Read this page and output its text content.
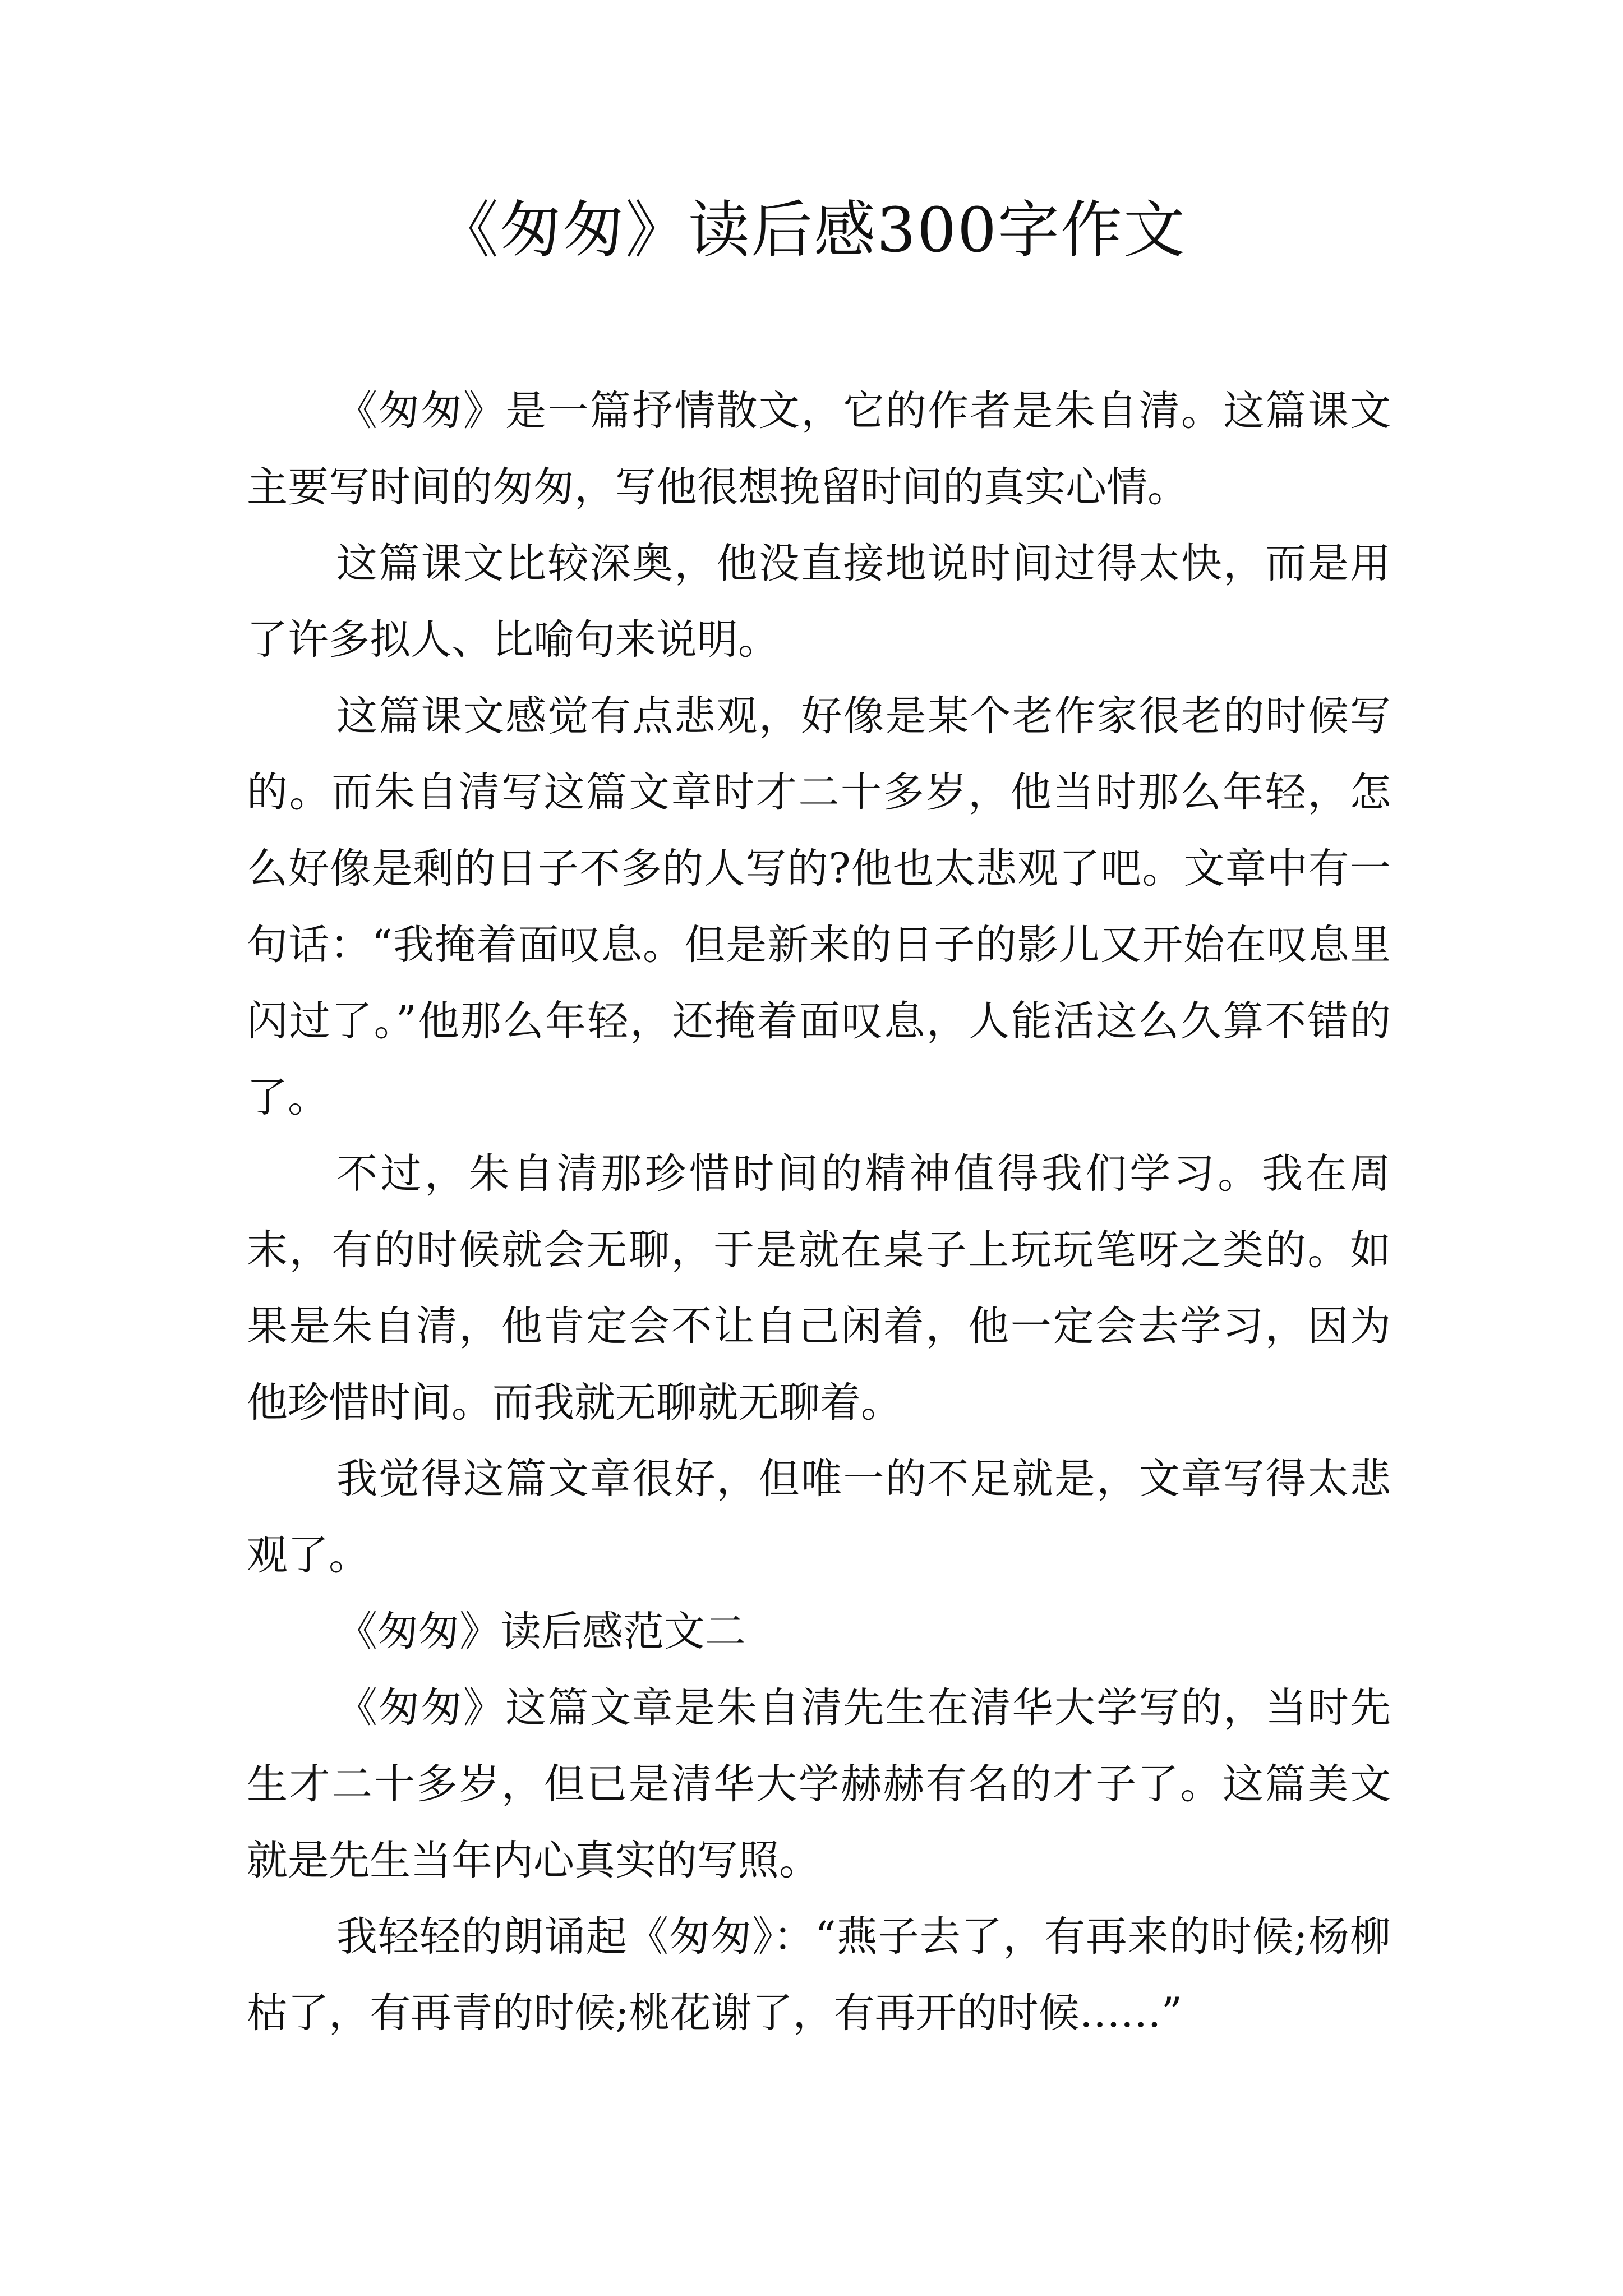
《匆匆》读后感300字作文

《匆匆》是一篇抒情散文，它的作者是朱自清。这篇课文主要写时间的匆匆，写他很想挽留时间的真实心情。

这篇课文比较深奥，他没直接地说时间过得太快，而是用了许多拟人、比喻句来说明。

这篇课文感觉有点悲观，好像是某个老作家很老的时候写的。而朱自清写这篇文章时才二十多岁，他当时那么年轻，怎么好像是剩的日子不多的人写的?他也太悲观了吧。文章中有一句话：“我掩着面叹息。但是新来的日子的影儿又开始在叹息里闪过了。”他那么年轻，还掩着面叹息，人能活这么久算不错的了。

不过，朱自清那珍惜时间的精神值得我们学习。我在周末，有的时候就会无聊，于是就在桌子上玩玩笔呀之类的。如果是朱自清，他肯定会不让自己闲着，他一定会去学习，因为他珍惜时间。而我就无聊就无聊着。

我觉得这篇文章很好，但唯一的不足就是，文章写得太悲观了。

《匆匆》读后感范文二

《匆匆》这篇文章是朱自清先生在清华大学写的，当时先生才二十多岁，但已是清华大学赫赫有名的才子了。这篇美文就是先生当年内心真实的写照。

我轻轻的朗诵起《匆匆》：“燕子去了，有再来的时候;杨柳枯了，有再青的时候;桃花谢了，有再开的时候……”
